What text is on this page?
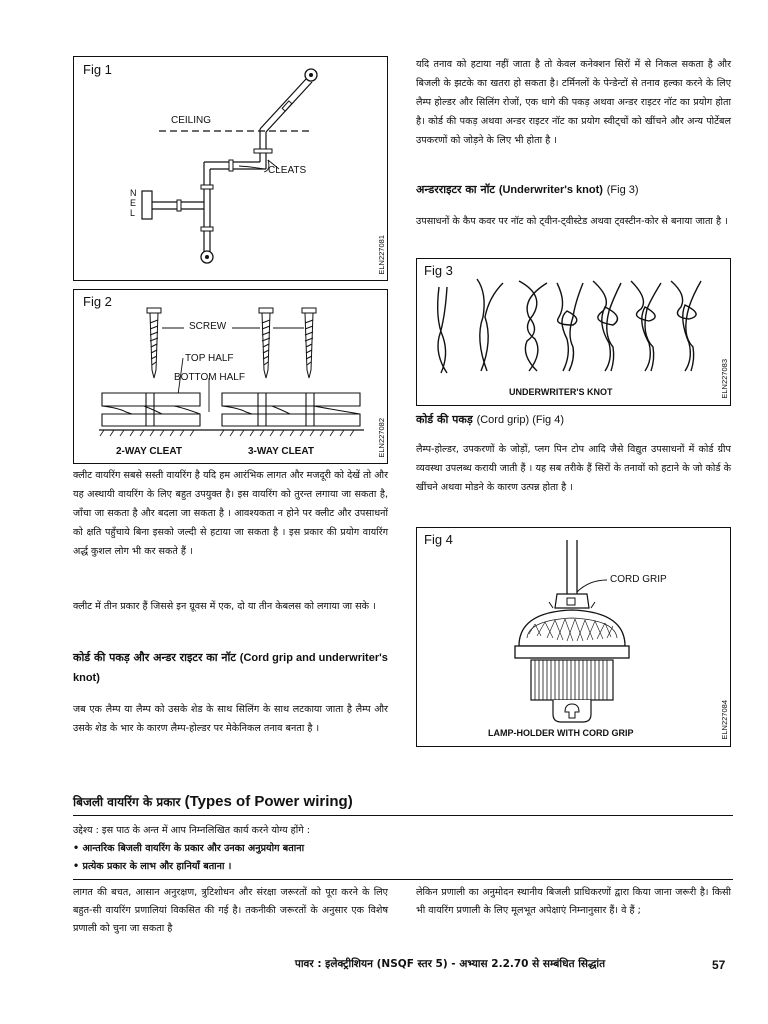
Fig 1
CEILING
CLEATS
N
E
L
ELN227081
Fig 2
SCREW
TOP HALF
BOTTOM HALF
2-WAY CLEAT	3-WAY CLEAT	ELN227082

क्लीट वायरिंग सबसे सस्ती वायरिंग है यदि हम आरंभिक लागत और मजदूरी को देखें तो और यह अस्थायी वायरिंग के लिए बहुत उपयुक्त है। इस वायरिंग को तुरन्त लगाया जा सकता है, जाँचा जा सकता है और बदला जा सकता है । आवश्यकता न होने पर क्लीट और उपसाधनों को क्षति पहुँचाये बिना इसको जल्दी से हटाया जा सकता है । इस प्रकार की प्रयोग वायरिंग अर्द्ध कुशल लोग भी कर सकते हैं ।

क्लीट में तीन प्रकार हैं जिससे इन ग्रूवस में एक, दो या तीन केबलस को लगाया जा सके ।

कोर्ड की पकड़ और अन्डर राइटर का नॉट (Cord grip and underwriter's knot)

जब एक लैम्प या लैम्प को उसके शेड के साथ सिलिंग के साथ लटकाया जाता है लैम्प और उसके शेड के भार के कारण लैम्प-होल्डर पर मेकेनिकल तनाव बनता है ।

यदि तनाव को हटाया नहीं जाता है तो केवल कनेक्शन सिरों में से निकल सकता है और बिजली के झटके का खतरा हो सकता है। टर्मिनलों के पेन्डेन्टों से तनाव हल्का करने के लिए लैम्प होल्डर और सिलिंग रोजों, एक धागे की पकड़ अथवा अन्डर राइटर नॉट का प्रयोग होता है। कोर्ड की पकड़ अथवा अन्डर राइटर नॉट का प्रयोग स्वीट्चों को खींचने और अन्य पोर्टेबल उपकरणों को जोड़ने के लिए भी होता है ।

अन्डरराइटर का नॉट (Underwriter's knot) (Fig 3)

उपसाधनों के कैप कवर पर नॉट को ट्वीन-ट्वीस्टेड अथवा ट्वस्टीन-कोर से बनाया जाता है ।

Fig 3
UNDERWRITER'S KNOT	ELN227083
कोर्ड की पकड़ (Cord grip) (Fig 4)

लैम्प-होल्डर, उपकरणों के जोड़ों, प्लग पिन टोप आदि जैसे विद्युत उपसाधनों में कोर्ड ग्रीप व्यवस्था उपलब्ध करायी जाती हैं । यह सब तरीके हैं सिरों के तनावों को हटाने के जो कोर्ड के खींचने अथवा मोडने के कारण उत्पन्न होता है ।

Fig 4
CORD GRIP
LAMP-HOLDER WITH CORD GRIP	ELN227084
बिजली वायरिंग के प्रकार (Types of Power wiring)

उद्देश्य : इस पाठ के अन्त में आप निम्नलिखित कार्य करने योग्य होंगे :

• आन्तरिक बिजली वायरिंग के प्रकार और उनका अनुप्रयोग बताना

• प्रत्येक प्रकार के लाभ और हानियाँ बताना ।

लागत की बचत, आसान अनुरक्षण, त्रुटिशोधन और संरक्षा जरूरतों को पूरा करने के लिए बहुत-सी वायरिंग प्रणालियां विकसित की गई है। तकनीकी जरूरतों के अनुसार एक विशेष प्रणाली को चुना जा सकता है

लेकिन प्रणाली का अनुमोदन स्थानीय बिजली प्राधिकरणों द्वारा किया जाना जरूरी है। किसी भी वायरिंग प्रणाली के लिए मूलभूत अपेक्षाएं निम्नानुसार हैं। वे हैं ;

पावर : इलेक्ट्रीशियन (NSQF स्तर 5) - अभ्यास 2.2.70 से सम्बंधित सिद्धांत	57
